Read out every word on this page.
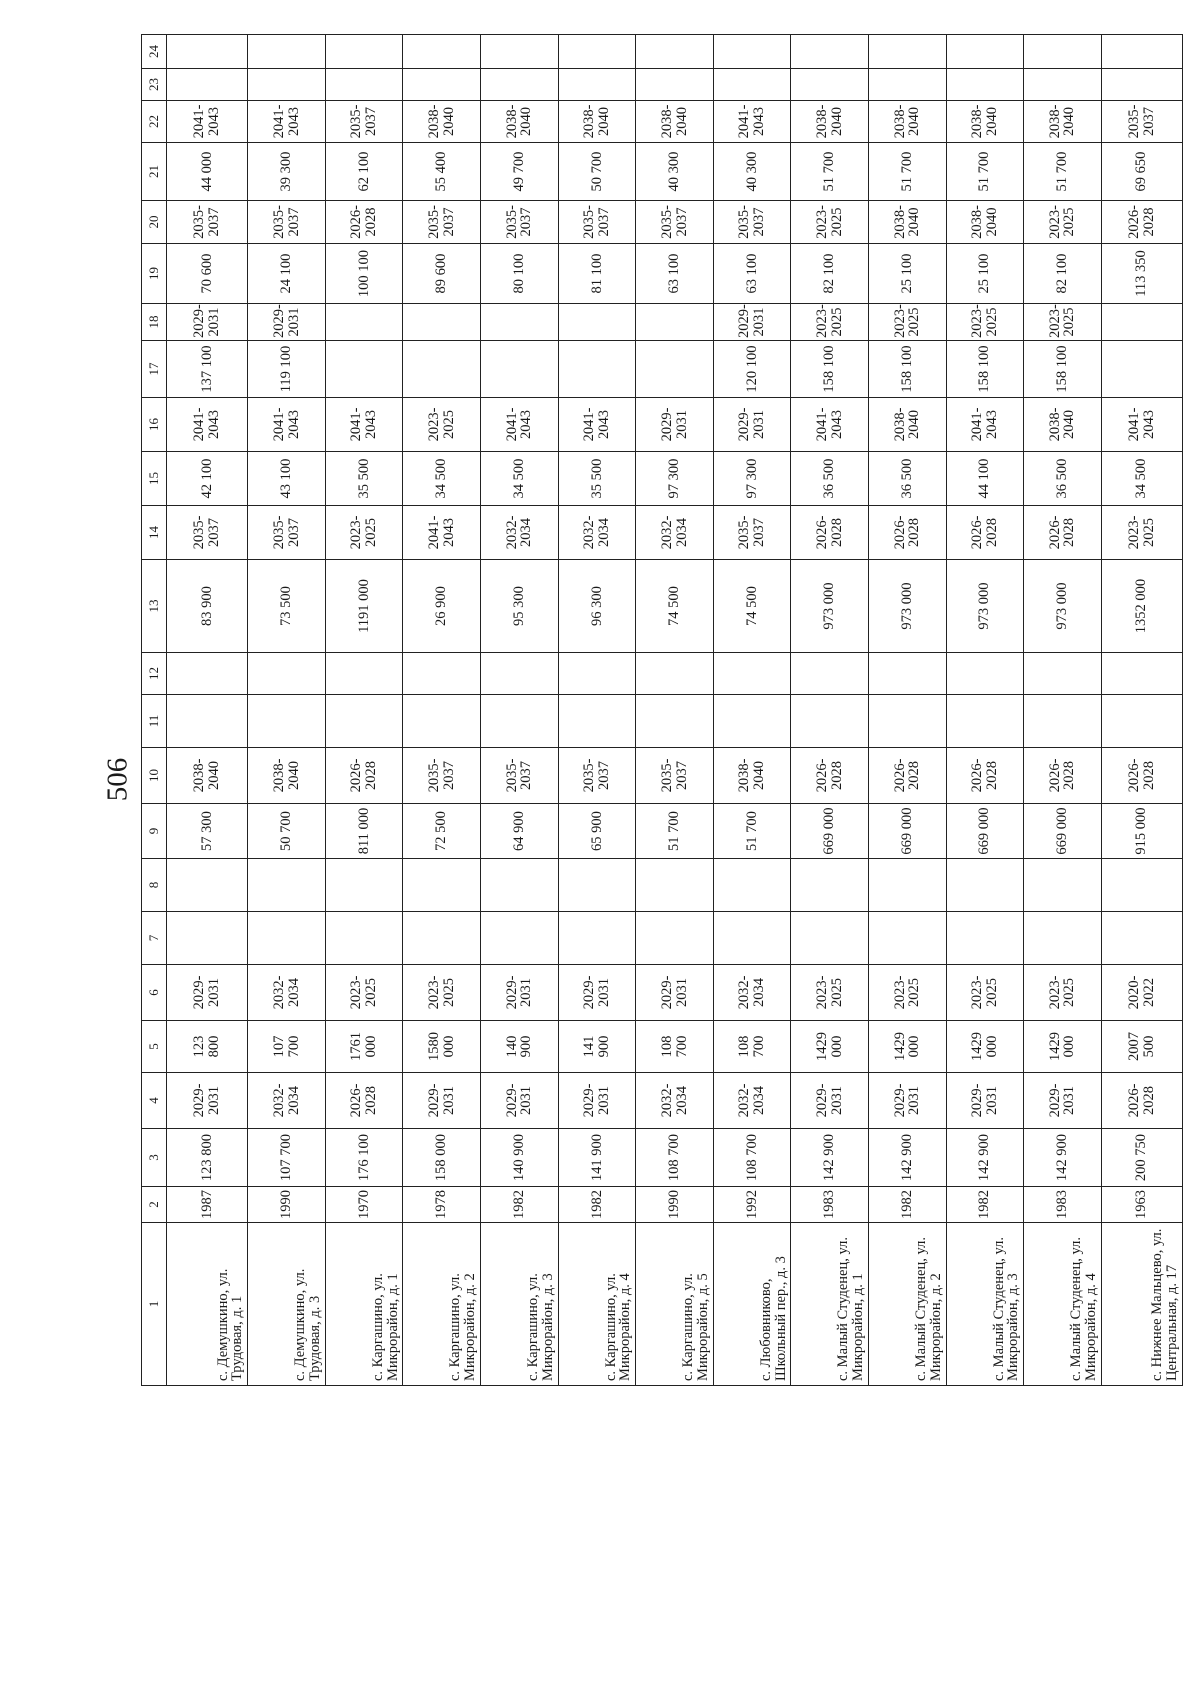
506
1	2	3	4	5	6	7	8	9	10	11	12	13	14	15	16	17	18	19	20	21	22	23	24
с. Демушкино, ул. Трудовая, д. 1	1987	123 800	2029-2031	123 800	2029-2031			57 300	2038-2040			83 900	2035-2037	42 100	2041-2043	137 100	2029-2031	70 600	2035-2037	44 000	2041-2043		
с. Демушкино, ул. Трудовая, д. 3	1990	107 700	2032-2034	107 700	2032-2034			50 700	2038-2040			73 500	2035-2037	43 100	2041-2043	119 100	2029-2031	24 100	2035-2037	39 300	2041-2043		
с. Каргашино, ул. Микрорайон, д. 1	1970	176 100	2026-2028	1761 000	2023-2025			811 000	2026-2028			1191 000	2023-2025	35 500	2041-2043			100 100	2026-2028	62 100	2035-2037		
с. Каргашино, ул. Микрорайон, д. 2	1978	158 000	2029-2031	1580 000	2023-2025			72 500	2035-2037			26 900	2041-2043	34 500	2023-2025			89 600	2035-2037	55 400	2038-2040		
с. Каргашино, ул. Микрорайон, д. 3	1982	140 900	2029-2031	140 900	2029-2031			64 900	2035-2037			95 300	2032-2034	34 500	2041-2043			80 100	2035-2037	49 700	2038-2040		
с. Каргашино, ул. Микрорайон, д. 4	1982	141 900	2029-2031	141 900	2029-2031			65 900	2035-2037			96 300	2032-2034	35 500	2041-2043			81 100	2035-2037	50 700	2038-2040		
с. Каргашино, ул. Микрорайон, д. 5	1990	108 700	2032-2034	108 700	2029-2031			51 700	2035-2037			74 500	2032-2034	97 300	2029-2031			63 100	2035-2037	40 300	2038-2040		
с. Любовниково, Школьный пер., д. 3	1992	108 700	2032-2034	108 700	2032-2034			51 700	2038-2040			74 500	2035-2037	97 300	2029-2031	120 100	2029-2031	63 100	2035-2037	40 300	2041-2043		
с. Малый Студенец, ул. Микрорайон, д. 1	1983	142 900	2029-2031	1429 000	2023-2025			669 000	2026-2028			973 000	2026-2028	36 500	2041-2043	158 100	2023-2025	82 100	2023-2025	51 700	2038-2040		
с. Малый Студенец, ул. Микрорайон, д. 2	1982	142 900	2029-2031	1429 000	2023-2025			669 000	2026-2028			973 000	2026-2028	36 500	2038-2040	158 100	2023-2025	25 100	2038-2040	51 700	2038-2040		
с. Малый Студенец, ул. Микрорайон, д. 3	1982	142 900	2029-2031	1429 000	2023-2025			669 000	2026-2028			973 000	2026-2028	44 100	2041-2043	158 100	2023-2025	25 100	2038-2040	51 700	2038-2040		
с. Малый Студенец, ул. Микрорайон, д. 4	1983	142 900	2029-2031	1429 000	2023-2025			669 000	2026-2028			973 000	2026-2028	36 500	2038-2040	158 100	2023-2025	82 100	2023-2025	51 700	2038-2040		
с. Нижнее Мальцево, ул. Центральная, д. 17	1963	200 750	2026-2028	2007 500	2020-2022			915 000	2026-2028			1352 000	2023-2025	34 500	2041-2043			113 350	2026-2028	69 650	2035-2037		
